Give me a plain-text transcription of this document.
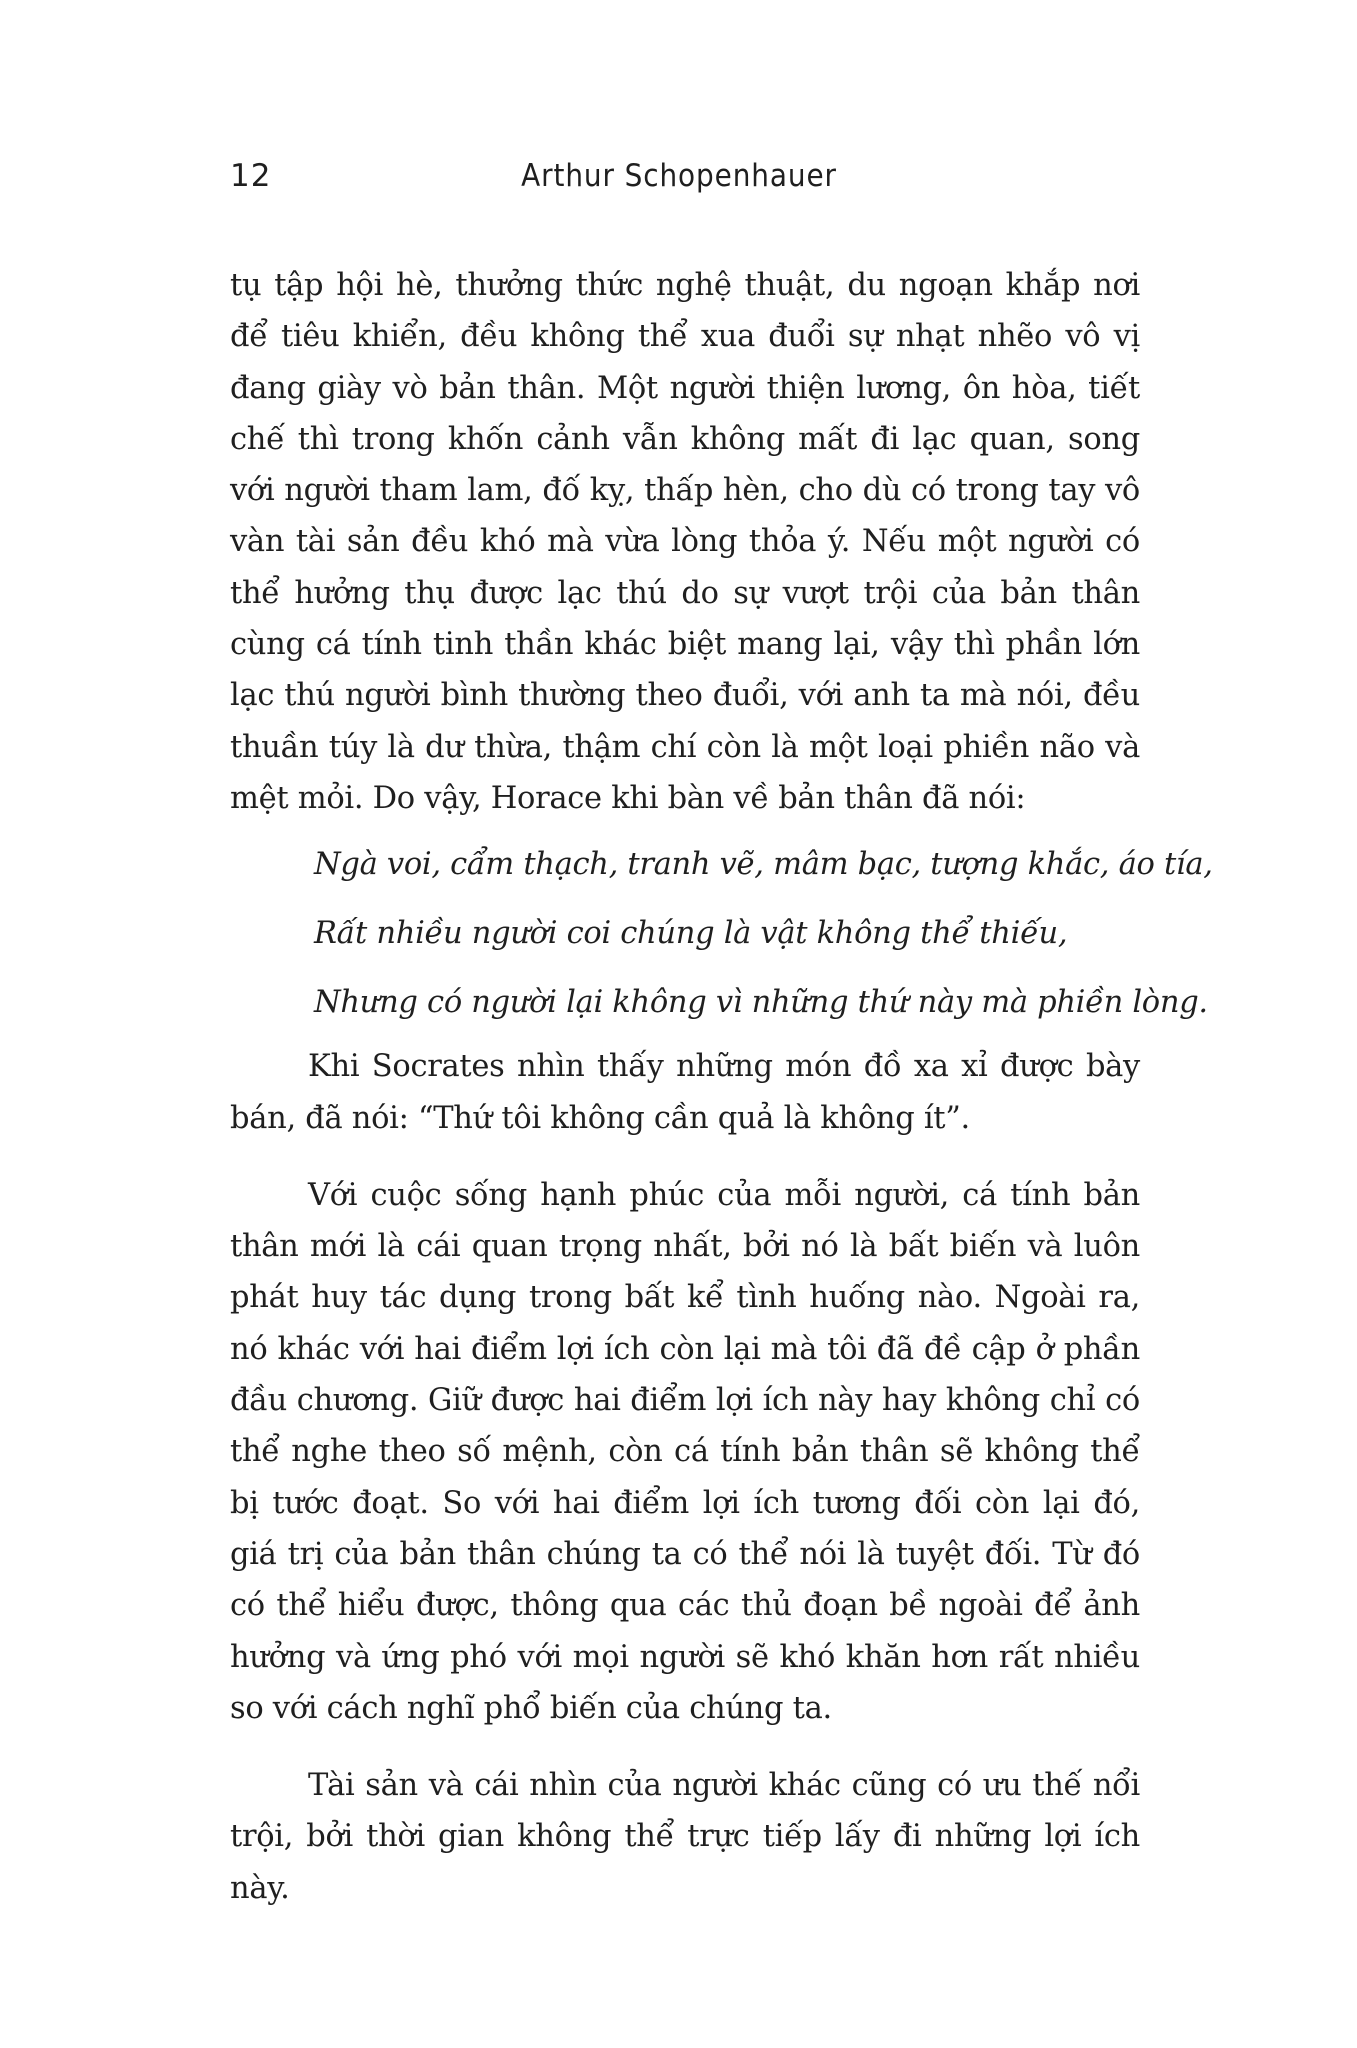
12	Arthur Schopenhauer

tụ tập hội hè, thưởng thức nghệ thuật, du ngoạn khắp nơi để tiêu khiển, đều không thể xua đuổi sự nhạt nhẽo vô vị đang giày vò bản thân. Một người thiện lương, ôn hòa, tiết chế thì trong khốn cảnh vẫn không mất đi lạc quan, song với người tham lam, đố kỵ, thấp hèn, cho dù có trong tay vô vàn tài sản đều khó mà vừa lòng thỏa ý. Nếu một người có thể hưởng thụ được lạc thú do sự vượt trội của bản thân cùng cá tính tinh thần khác biệt mang lại, vậy thì phần lớn lạc thú người bình thường theo đuổi, với anh ta mà nói, đều thuần túy là dư thừa, thậm chí còn là một loại phiền não và mệt mỏi. Do vậy, Horace khi bàn về bản thân đã nói:

Ngà voi, cẩm thạch, tranh vẽ, mâm bạc, tượng khắc, áo tía,

Rất nhiều người coi chúng là vật không thể thiếu,

Nhưng có người lại không vì những thứ này mà phiền lòng.

Khi Socrates nhìn thấy những món đồ xa xỉ được bày bán, đã nói: “Thứ tôi không cần quả là không ít”.

Với cuộc sống hạnh phúc của mỗi người, cá tính bản thân mới là cái quan trọng nhất, bởi nó là bất biến và luôn phát huy tác dụng trong bất kể tình huống nào. Ngoài ra, nó khác với hai điểm lợi ích còn lại mà tôi đã đề cập ở phần đầu chương. Giữ được hai điểm lợi ích này hay không chỉ có thể nghe theo số mệnh, còn cá tính bản thân sẽ không thể bị tước đoạt. So với hai điểm lợi ích tương đối còn lại đó, giá trị của bản thân chúng ta có thể nói là tuyệt đối. Từ đó có thể hiểu được, thông qua các thủ đoạn bề ngoài để ảnh hưởng và ứng phó với mọi người sẽ khó khăn hơn rất nhiều so với cách nghĩ phổ biến của chúng ta.

Tài sản và cái nhìn của người khác cũng có ưu thế nổi trội, bởi thời gian không thể trực tiếp lấy đi những lợi ích này.
